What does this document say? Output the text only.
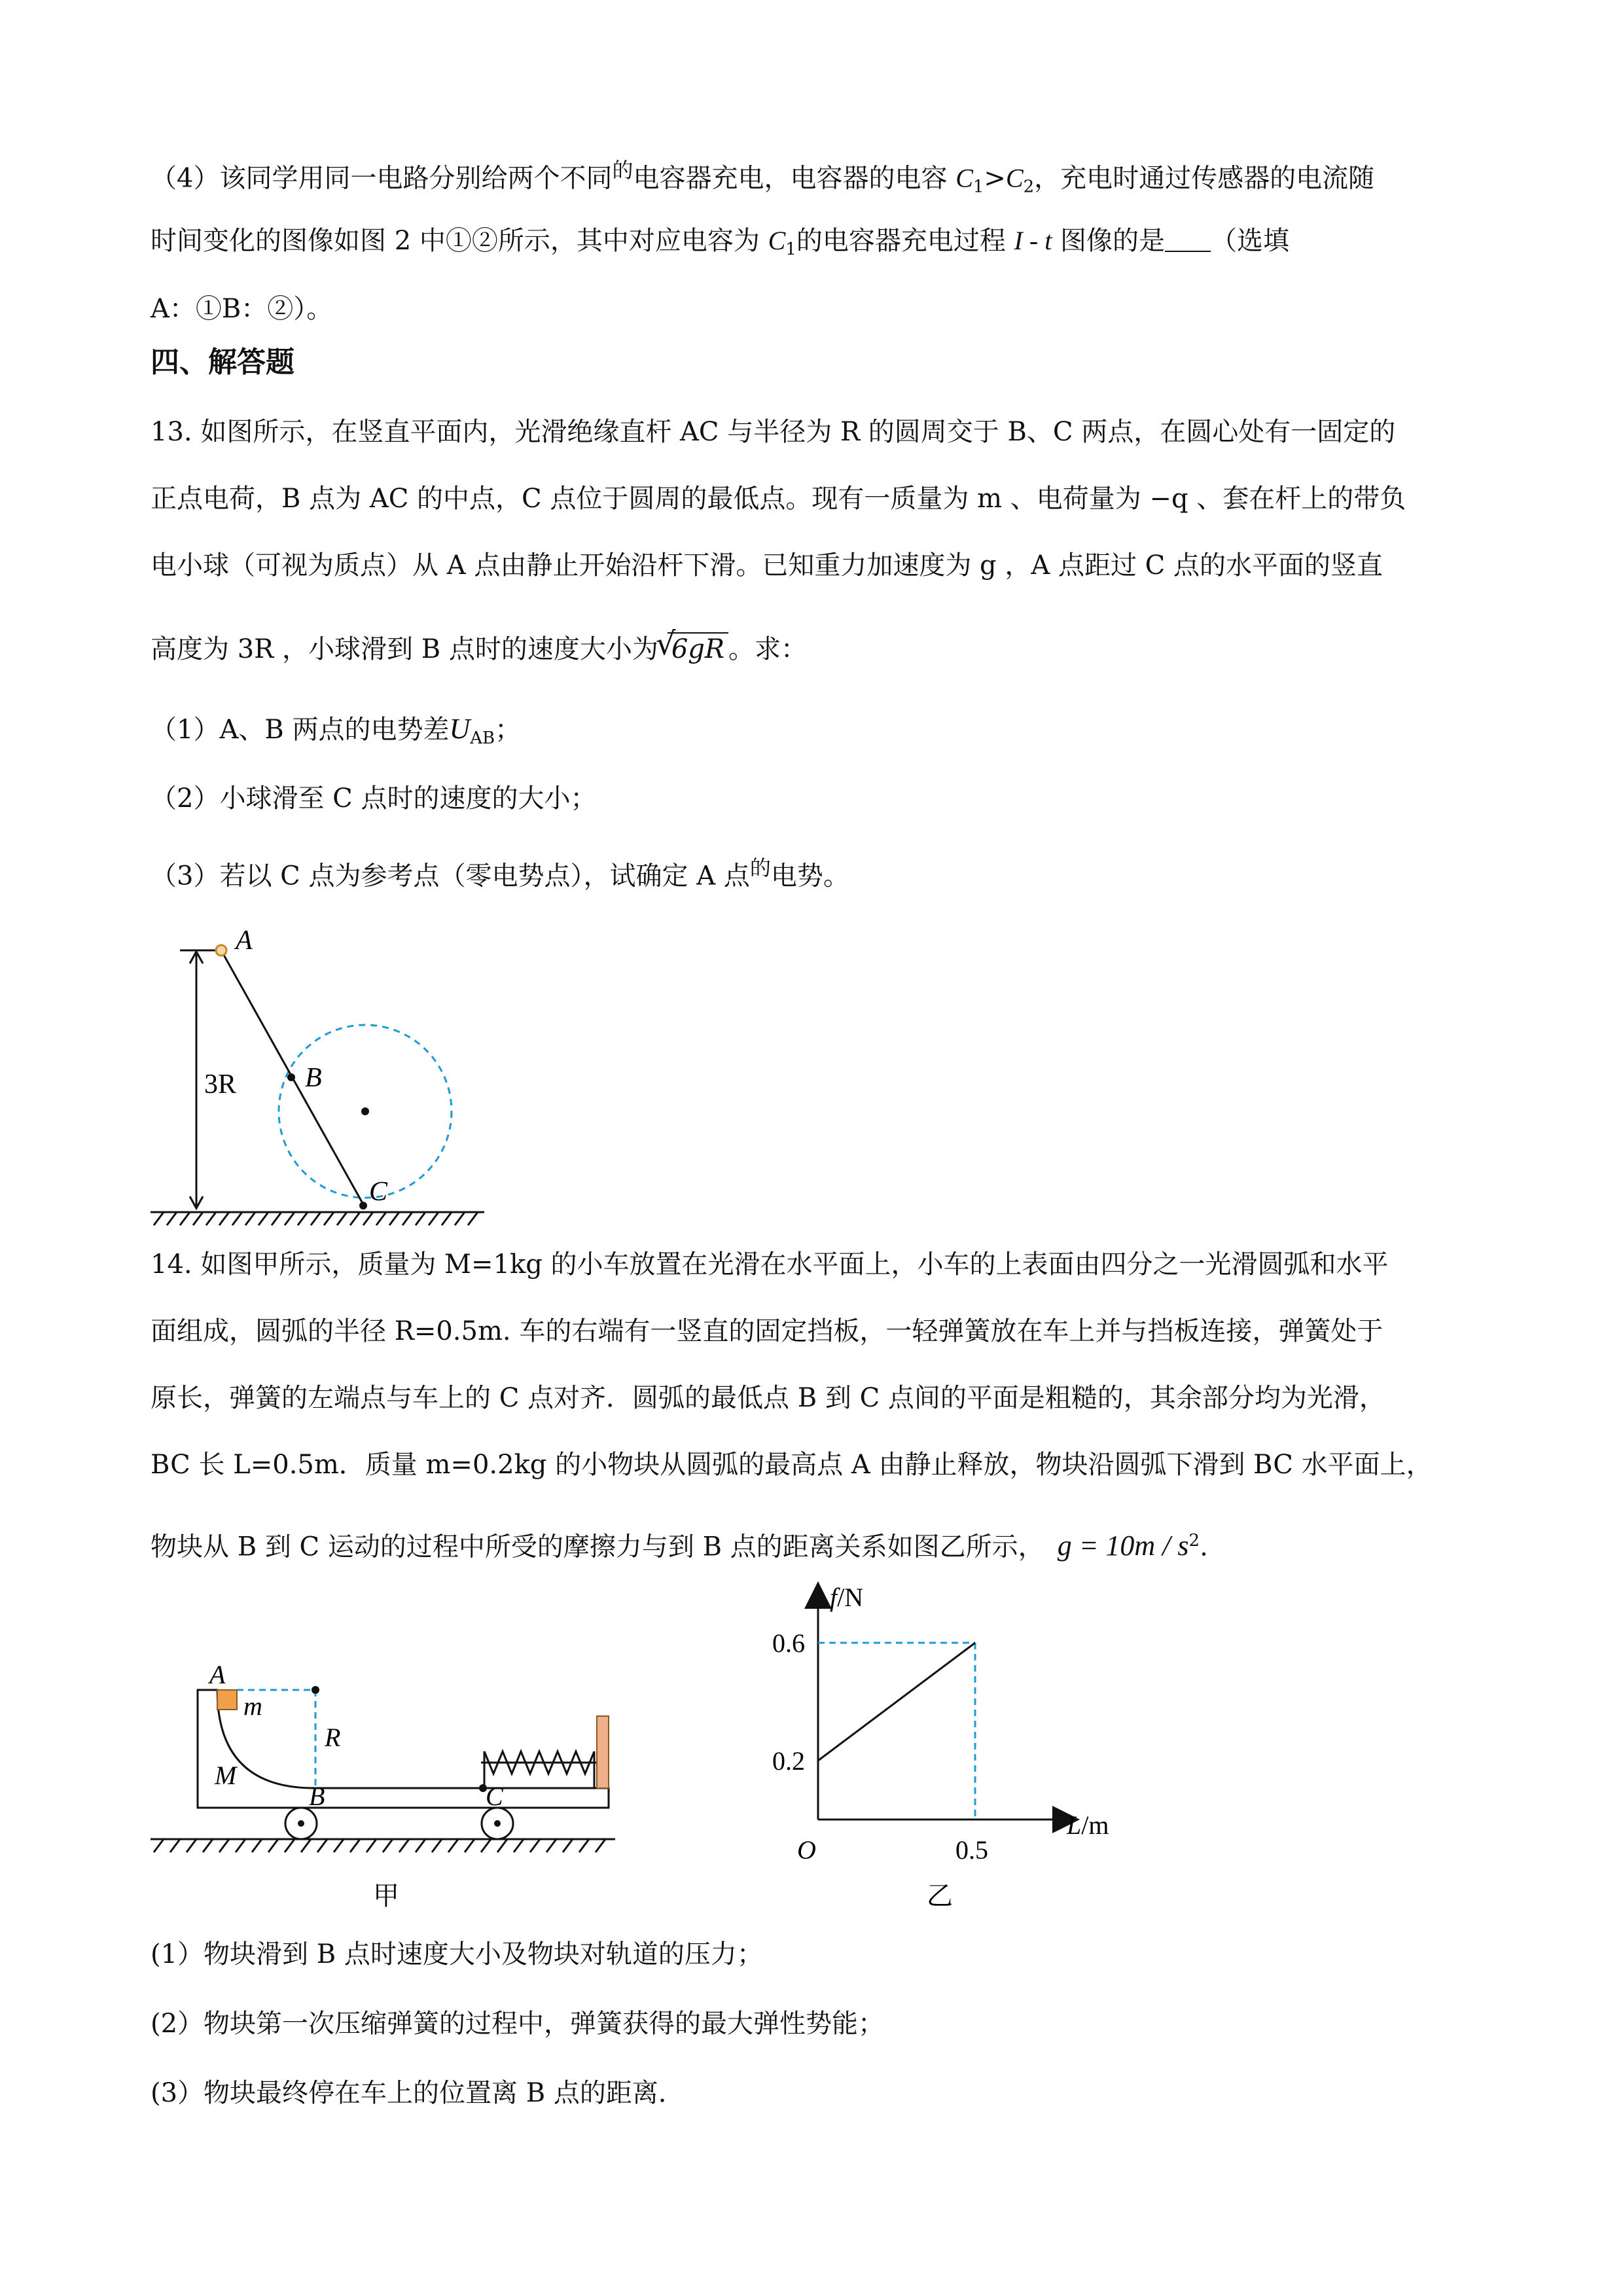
（4）该同学用同一电路分别给两个不同$^的$电容器充电，电容器的电容 $C_1>C_2$，充电时通过传感器的电流随
时间变化的图像如图 2 中①②所示，其中对应电容为 $C_1$的电容器充电过程 I - t 图像的是 （选填
A：①B：②）。
四、解答题
13. 如图所示，在竖直平面内，光滑绝缘直杆 AC 与半径为 R 的圆周交于 B、C 两点，在圆心处有一固定的
正点电荷，B 点为 AC 的中点，C 点位于圆周的最低点。现有一质量为 m 、电荷量为 −q 、套在杆上的带负
电小球（可视为质点）从 A 点由静止开始沿杆下滑。已知重力加速度为 g ，A 点距过 C 点的水平面的竖直
高度为 3R ，小球滑到 B 点时的速度大小为
√
6gR 。求：
（1）A、B 两点的电势差$U_{AB}$；
（2）小球滑至 C 点时的速度的大小；
（3）若以 C 点为参考点（零电势点），试确定 A 点$^的$电势。
3R
A
B
C
14. 如图甲所示，质量为 M=1kg 的小车放置在光滑在水平面上，小车的上表面由四分之一光滑圆弧和水平
面组成，圆弧的半径 R=0.5m. 车的右端有一竖直的固定挡板，一轻弹簧放在车上并与挡板连接，弹簧处于
原长，弹簧的左端点与车上的 C 点对齐．圆弧的最低点 B 到 C 点间的平面是粗糙的，其余部分均为光滑，
BC 长 L=0.5m．质量 m=0.2kg 的小物块从圆弧的最高点 A 由静止释放，物块沿圆弧下滑到 BC 水平面上，
物块从 B 到 C 运动的过程中所受的摩擦力与到 B 点的距离关系如图乙所示， $g = 10m / s^2$.
A
m
R
M
B	C
甲
f/N
L/m
O
0.2
0.6
0.5
乙
(1）物块滑到 B 点时速度大小及物块对轨道的压力；
(2）物块第一次压缩弹簧的过程中，弹簧获得的最大弹性势能；
(3）物块最终停在车上的位置离 B 点的距离．
